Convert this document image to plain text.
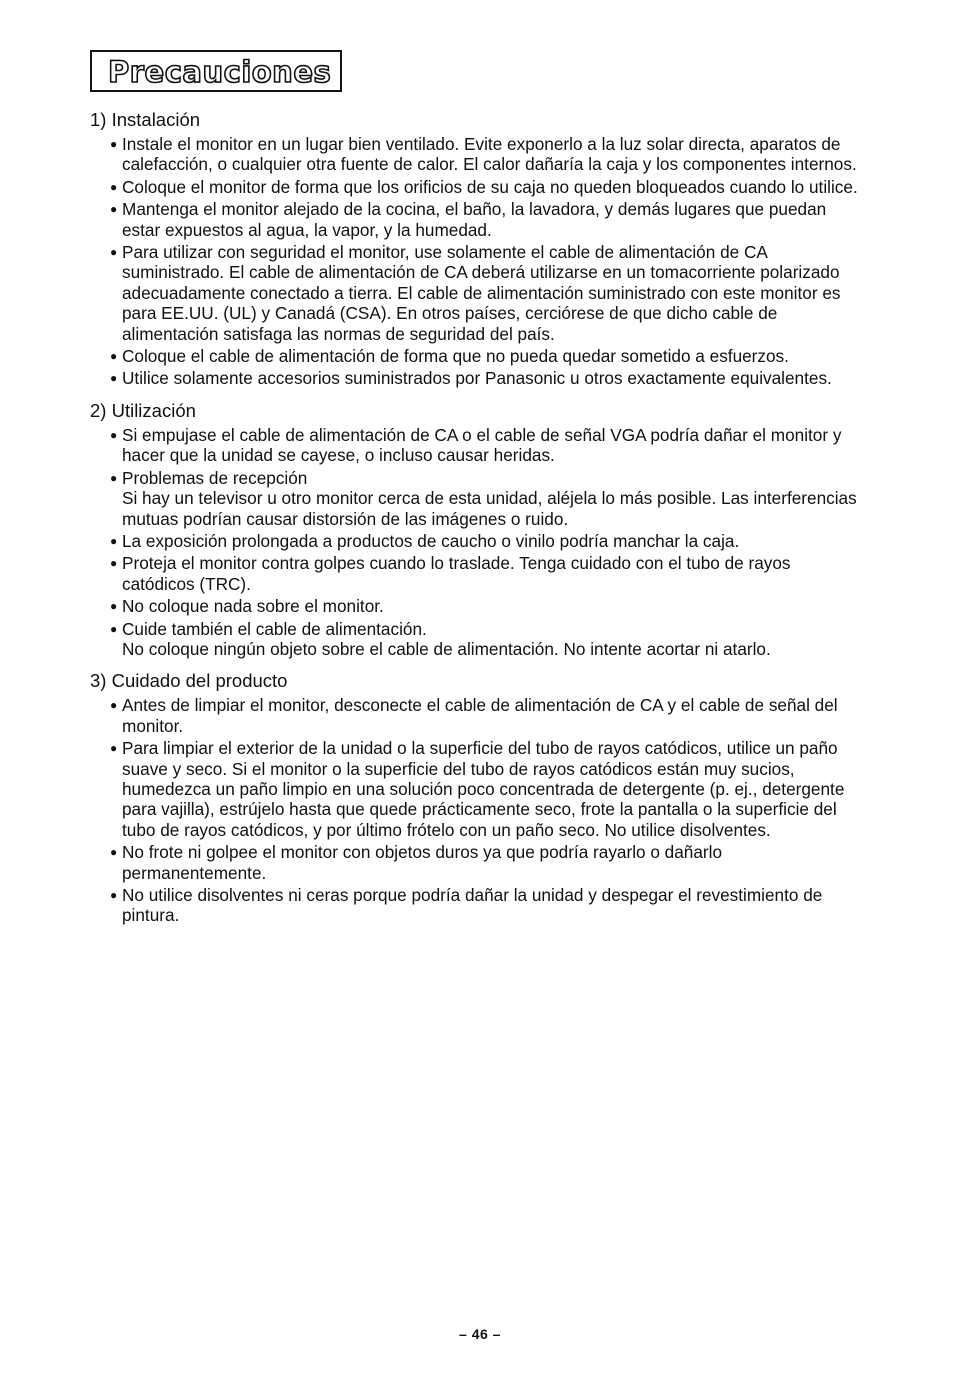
Precauciones
1) Instalación
● Instale el monitor en un lugar bien ventilado. Evite exponerlo a la luz solar directa, aparatos de calefacción, o cualquier otra fuente de calor. El calor dañaría la caja y los componentes internos.
● Coloque el monitor de forma que los orificios de su caja no queden bloqueados cuando lo utilice.
● Mantenga el monitor alejado de la cocina, el baño, la lavadora, y demás lugares que puedan estar expuestos al agua, la vapor, y la humedad.
● Para utilizar con seguridad el monitor, use solamente el cable de alimentación de CA suministrado. El cable de alimentación de CA deberá utilizarse en un tomacorriente polarizado adecuadamente conectado a tierra. El cable de alimentación suministrado con este monitor es para EE.UU. (UL) y Canadá (CSA). En otros países, cerciórese de que dicho cable de alimentación satisfaga las normas de seguridad del país.
● Coloque el cable de alimentación de forma que no pueda quedar sometido a esfuerzos.
● Utilice solamente accesorios suministrados por Panasonic u otros exactamente equivalentes.
2) Utilización
● Si empujase el cable de alimentación de CA o el cable de señal VGA podría dañar el monitor y hacer que la unidad se cayese, o incluso causar heridas.
● Problemas de recepción
Si hay un televisor u otro monitor cerca de esta unidad, aléjela lo más posible. Las interferencias mutuas podrían causar distorsión de las imágenes o ruido.
● La exposición prolongada a productos de caucho o vinilo podría manchar la caja.
● Proteja el monitor contra golpes cuando lo traslade. Tenga cuidado con el tubo de rayos catódicos (TRC).
● No coloque nada sobre el monitor.
● Cuide también el cable de alimentación.
No coloque ningún objeto sobre el cable de alimentación. No intente acortar ni atarlo.
3) Cuidado del producto
● Antes de limpiar el monitor, desconecte el cable de alimentación de CA y el cable de señal del monitor.
● Para limpiar el exterior de la unidad o la superficie del tubo de rayos catódicos, utilice un paño suave y seco. Si el monitor o la superficie del tubo de rayos catódicos están muy sucios, humedezca un paño limpio en una solución poco concentrada de detergente (p. ej., detergente para vajilla), estrújelo hasta que quede prácticamente seco, frote la pantalla o la superficie del tubo de rayos catódicos, y por último frótelo con un paño seco. No utilice disolventes.
● No frote ni golpee el monitor con objetos duros ya que podría rayarlo o dañarlo permanentemente.
● No utilice disolventes ni ceras porque podría dañar la unidad y despegar el revestimiento de pintura.
– 46 –
